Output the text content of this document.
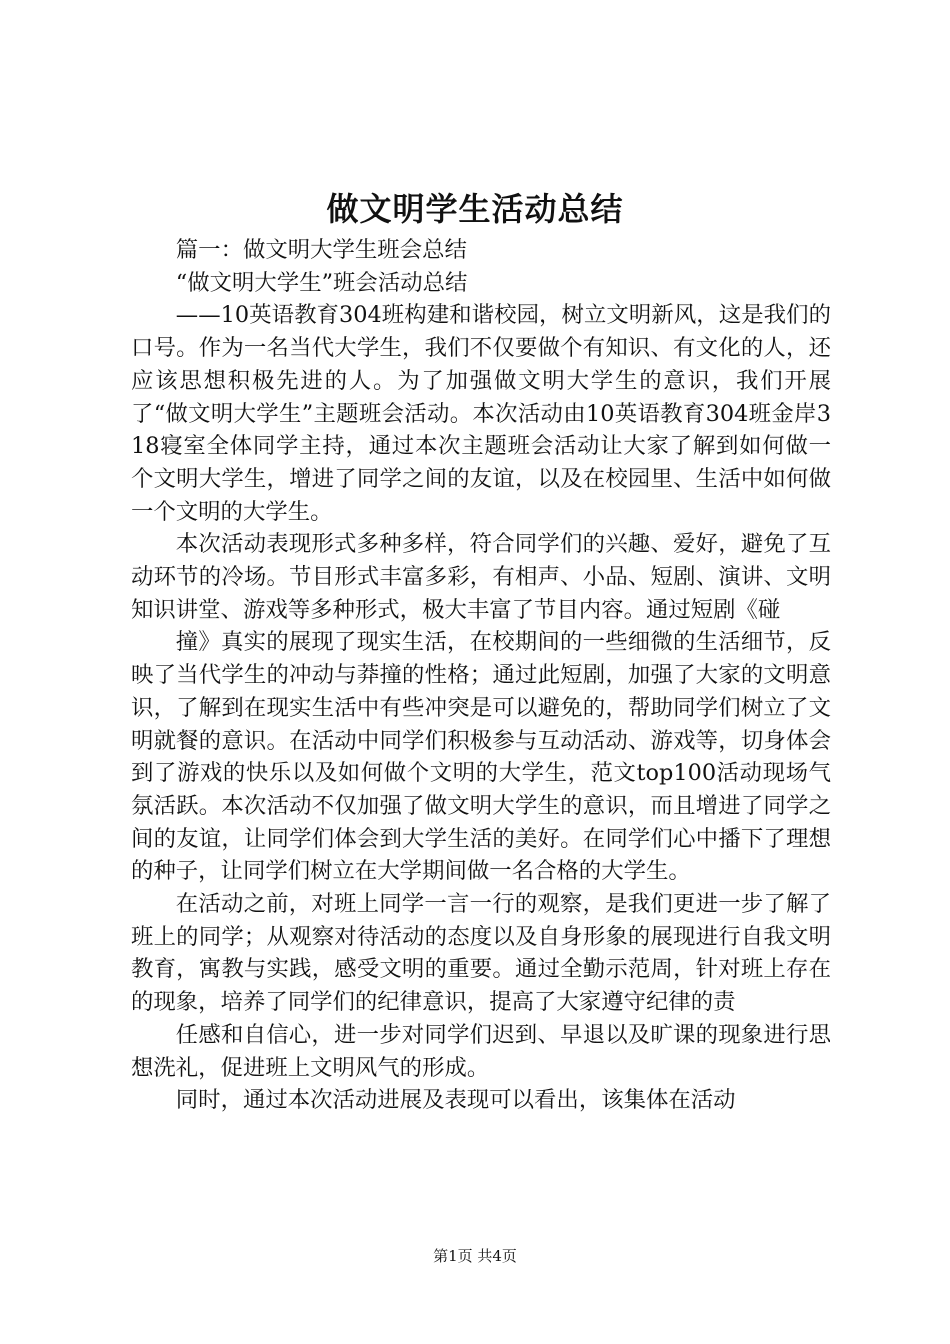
做文明学生活动总结

篇一：做文明大学生班会总结

“做文明大学生”班会活动总结

——10英语教育304班构建和谐校园，树立文明新风，这是我们的口号。作为一名当代大学生，我们不仅要做个有知识、有文化的人，还应该思想积极先进的人。为了加强做文明大学生的意识，我们开展了“做文明大学生”主题班会活动。本次活动由10英语教育304班金岸318寝室全体同学主持，通过本次主题班会活动让大家了解到如何做一个文明大学生，增进了同学之间的友谊，以及在校园里、生活中如何做一个文明的大学生。

本次活动表现形式多种多样，符合同学们的兴趣、爱好，避免了互动环节的冷场。节目形式丰富多彩，有相声、小品、短剧、演讲、文明知识讲堂、游戏等多种形式，极大丰富了节目内容。通过短剧《碰

撞》真实的展现了现实生活，在校期间的一些细微的生活细节，反映了当代学生的冲动与莽撞的性格；通过此短剧，加强了大家的文明意识，了解到在现实生活中有些冲突是可以避免的，帮助同学们树立了文明就餐的意识。在活动中同学们积极参与互动活动、游戏等，切身体会到了游戏的快乐以及如何做个文明的大学生，范文top100活动现场气氛活跃。本次活动不仅加强了做文明大学生的意识，而且增进了同学之间的友谊，让同学们体会到大学生活的美好。在同学们心中播下了理想的种子，让同学们树立在大学期间做一名合格的大学生。

在活动之前，对班上同学一言一行的观察，是我们更进一步了解了班上的同学；从观察对待活动的态度以及自身形象的展现进行自我文明教育，寓教与实践，感受文明的重要。通过全勤示范周，针对班上存在的现象，培养了同学们的纪律意识，提高了大家遵守纪律的责

任感和自信心，进一步对同学们迟到、早退以及旷课的现象进行思想洗礼，促进班上文明风气的形成。

同时，通过本次活动进展及表现可以看出，该集体在活动

第1页 共4页
